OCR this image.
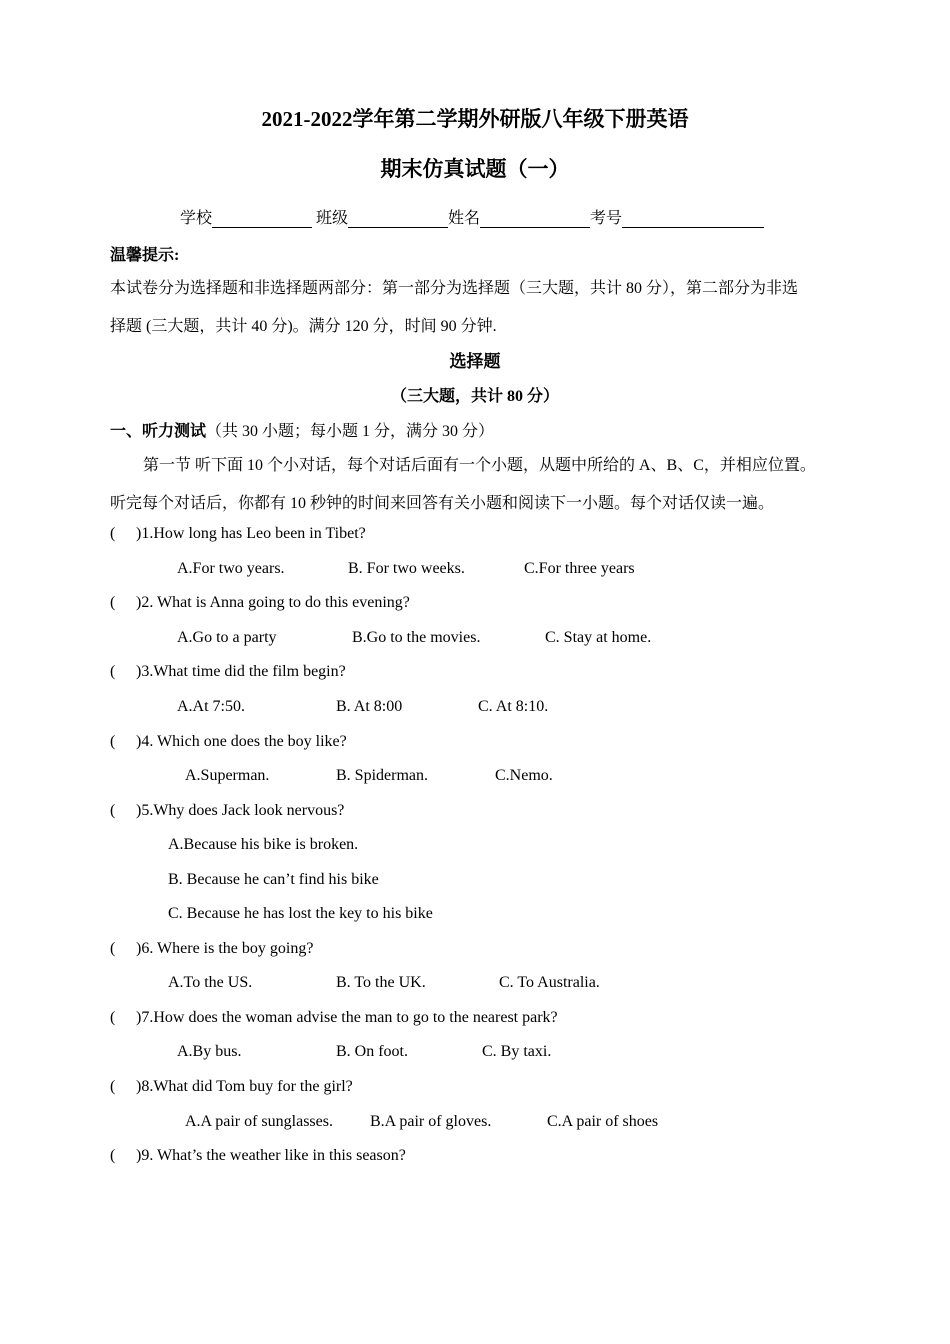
2021-2022学年第二学期外研版八年级下册英语
期末仿真试题（一）
学校	班级	姓名	考号
温馨提示:
本试卷分为选择题和非选择题两部分：第一部分为选择题（三大题，共计 80 分），第二部分为非选
择题 (三大题，共计 40 分)。满分 120 分，时间 90 分钟.
选择题
（三大题，共计 80 分）
一、听力测试（共 30 小题；每小题 1 分，满分 30 分）
第一节 听下面 10 个小对话，每个对话后面有一个小题，从题中所给的 A、B、C，并相应位置。
听完每个对话后，你都有 10 秒钟的时间来回答有关小题和阅读下一小题。每个对话仅读一遍。
( )1.How long has Leo been in Tibet?
A.For two years.	B. For two weeks.	C.For three years
( )2. What is Anna going to do this evening?
A.Go to a party	B.Go to the movies.	C. Stay at home.
( )3.What time did the film begin?
A.At 7:50.	B. At 8:00	C. At 8:10.
( )4. Which one does the boy like?
A.Superman.	B. Spiderman.	C.Nemo.
( )5.Why does Jack look nervous?
A.Because his bike is broken.
B. Because he can’t find his bike
C. Because he has lost the key to his bike
( )6. Where is the boy going?
A.To the US.	B. To the UK.	C. To Australia.
( )7.How does the woman advise the man to go to the nearest park?
A.By bus.	B. On foot.	C. By taxi.
( )8.What did Tom buy for the girl?
A.A pair of sunglasses. B.A pair of gloves.	C.A pair of shoes
( )9. What’s the weather like in this season?
